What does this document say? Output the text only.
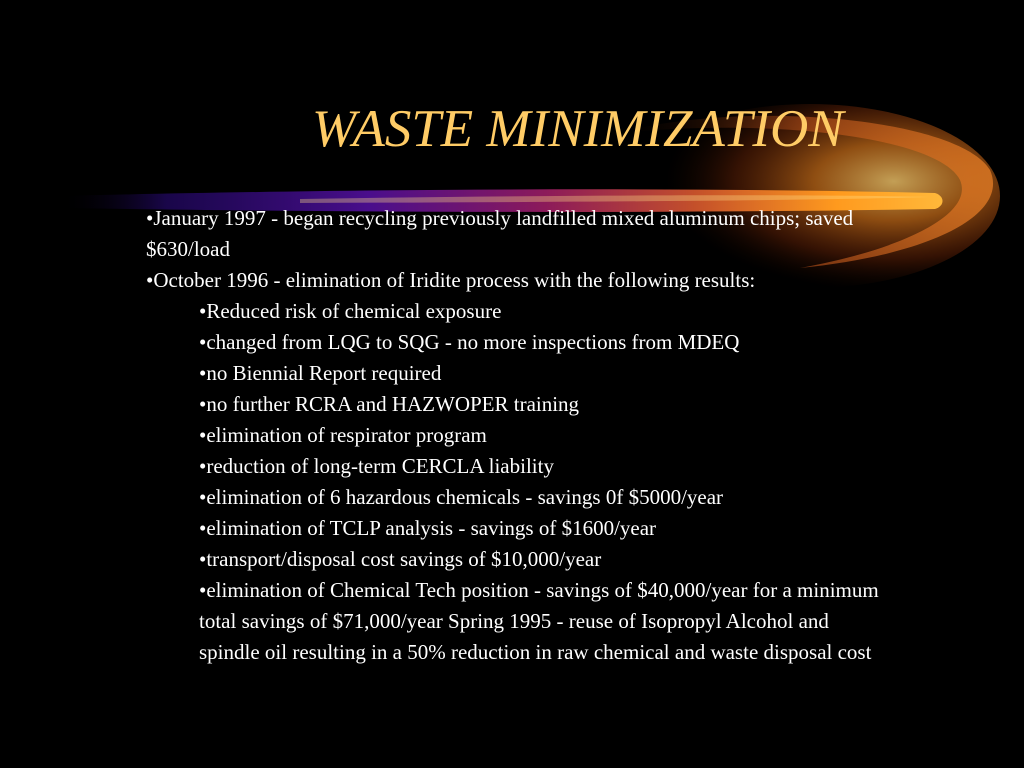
WASTE MINIMIZATION

•January 1997 - began recycling previously landfilled mixed aluminum chips; saved $630/load

•October 1996 - elimination of Iridite process with the following results:

•Reduced risk of chemical exposure

•changed from LQG to SQG - no more inspections from MDEQ

•no Biennial Report required

•no further RCRA and HAZWOPER training

•elimination of respirator program

•reduction of long-term CERCLA liability

•elimination of 6 hazardous chemicals - savings 0f $5000/year

•elimination of TCLP analysis - savings of $1600/year

•transport/disposal cost savings of $10,000/year

•elimination of Chemical Tech position - savings of $40,000/year for a minimum total savings of $71,000/year Spring 1995 - reuse of Isopropyl Alcohol and spindle oil resulting in a 50% reduction in raw chemical and waste disposal cost
